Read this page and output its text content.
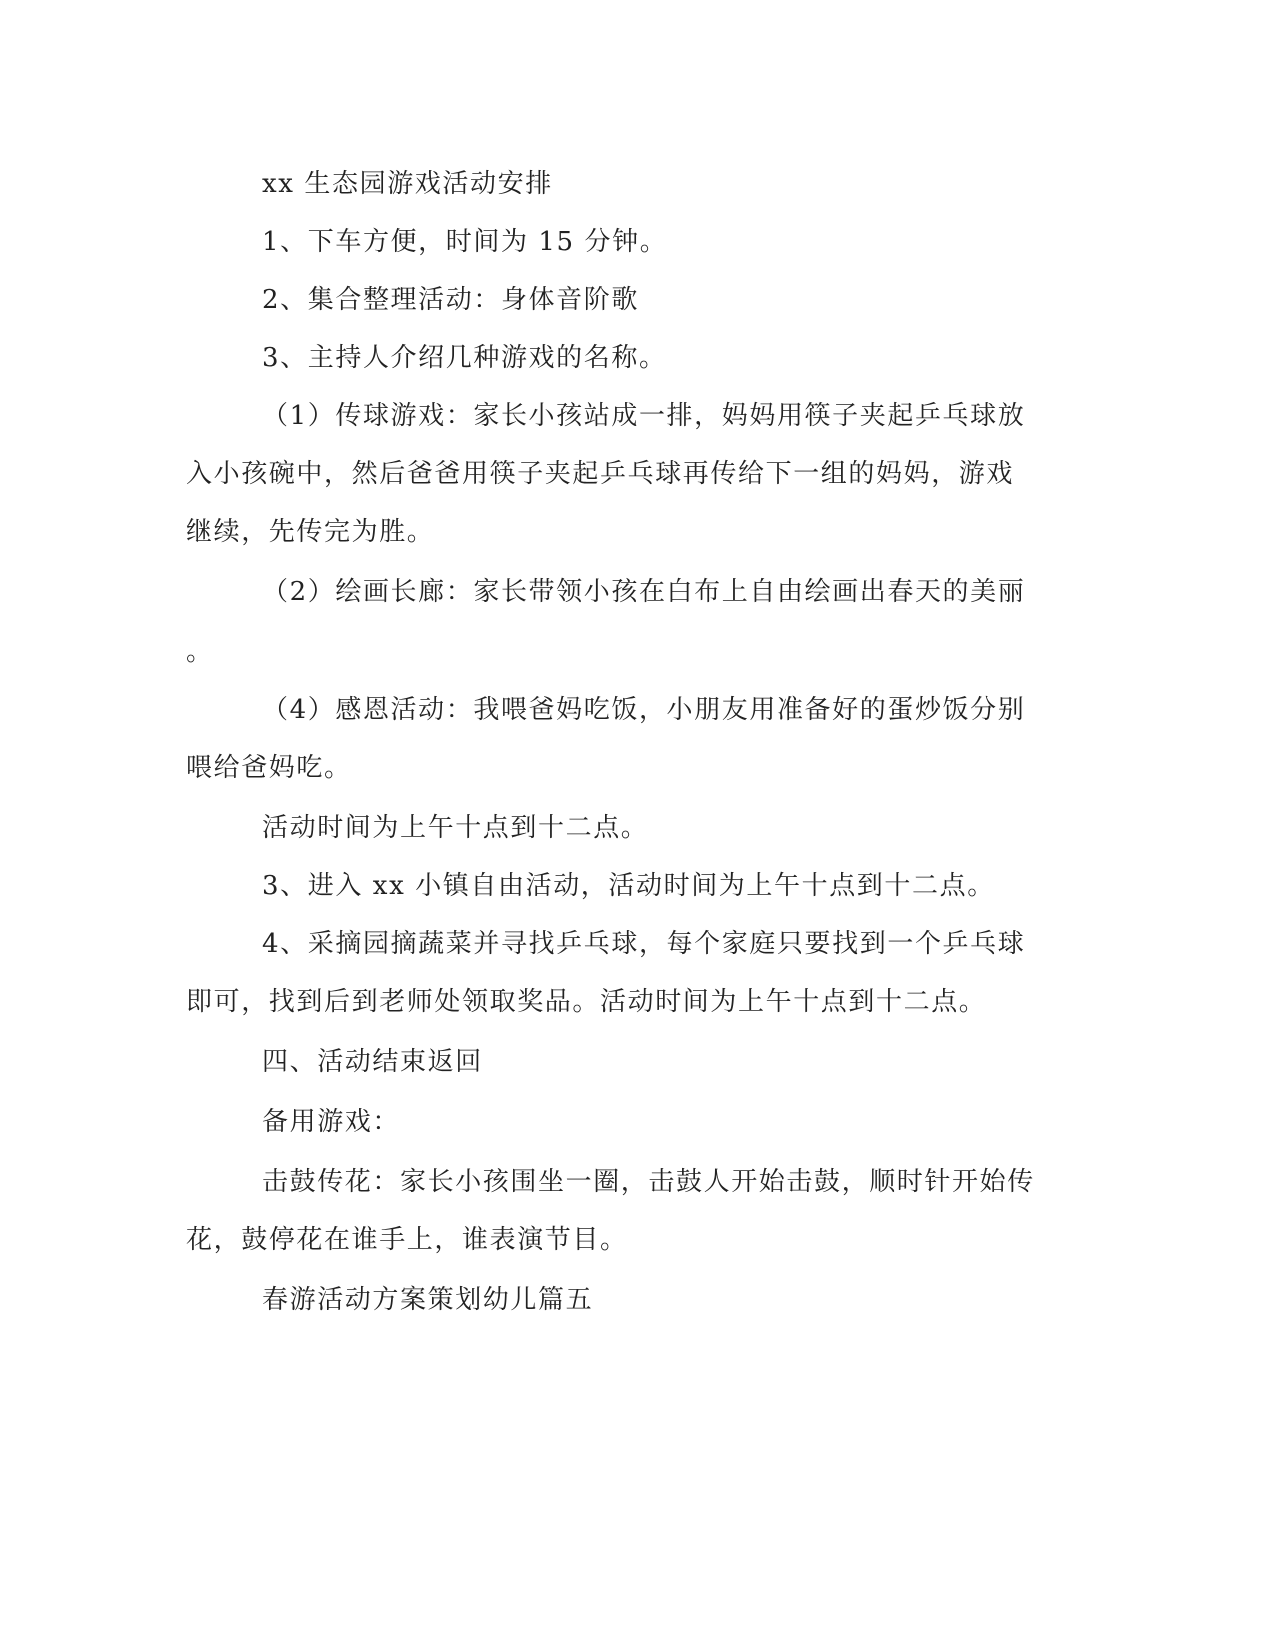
xx 生态园游戏活动安排
1、下车方便，时间为 15 分钟。
2、集合整理活动：身体音阶歌
3、主持人介绍几种游戏的名称。
（1）传球游戏：家长小孩站成一排，妈妈用筷子夹起乒乓球放
入小孩碗中，然后爸爸用筷子夹起乒乓球再传给下一组的妈妈，游戏
继续，先传完为胜。
（2）绘画长廊：家长带领小孩在白布上自由绘画出春天的美丽
。
（4）感恩活动：我喂爸妈吃饭，小朋友用准备好的蛋炒饭分别
喂给爸妈吃。
活动时间为上午十点到十二点。
3、进入 xx 小镇自由活动，活动时间为上午十点到十二点。
4、采摘园摘蔬菜并寻找乒乓球，每个家庭只要找到一个乒乓球
即可，找到后到老师处领取奖品。活动时间为上午十点到十二点。
四、活动结束返回
备用游戏：
击鼓传花：家长小孩围坐一圈，击鼓人开始击鼓，顺时针开始传
花，鼓停花在谁手上，谁表演节目。
春游活动方案策划幼儿篇五
